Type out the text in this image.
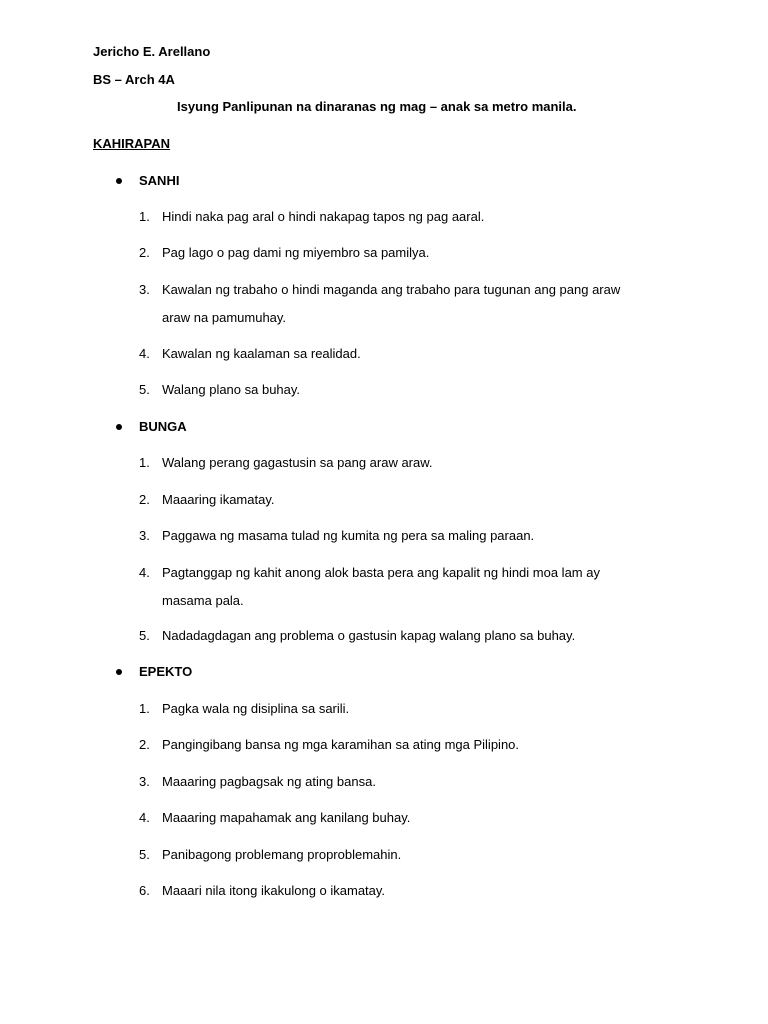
Jericho E. Arellano
BS – Arch 4A
Isyung Panlipunan na dinaranas ng mag – anak sa metro manila.
KAHIRAPAN
SANHI
1. Hindi naka pag aral o hindi nakapag tapos ng pag aaral.
2. Pag lago o pag dami ng miyembro sa pamilya.
3. Kawalan ng trabaho o hindi maganda ang trabaho para tugunan ang pang araw
araw na pamumuhay.
4. Kawalan ng kaalaman sa realidad.
5. Walang plano sa buhay.
BUNGA
1. Walang perang gagastusin sa pang araw araw.
2. Maaaring ikamatay.
3. Paggawa ng masama tulad ng kumita ng pera sa maling paraan.
4. Pagtanggap ng kahit anong alok basta pera ang kapalit ng hindi moa lam ay
masama pala.
5. Nadadagdagan ang problema o gastusin kapag walang plano sa buhay.
EPEKTO
1. Pagka wala ng disiplina sa sarili.
2. Pangingibang bansa ng mga karamihan sa ating mga Pilipino.
3. Maaaring pagbagsak ng ating bansa.
4. Maaaring mapahamak ang kanilang buhay.
5. Panibagong problemang proproblemahin.
6. Maaari nila itong ikakulong o ikamatay.
